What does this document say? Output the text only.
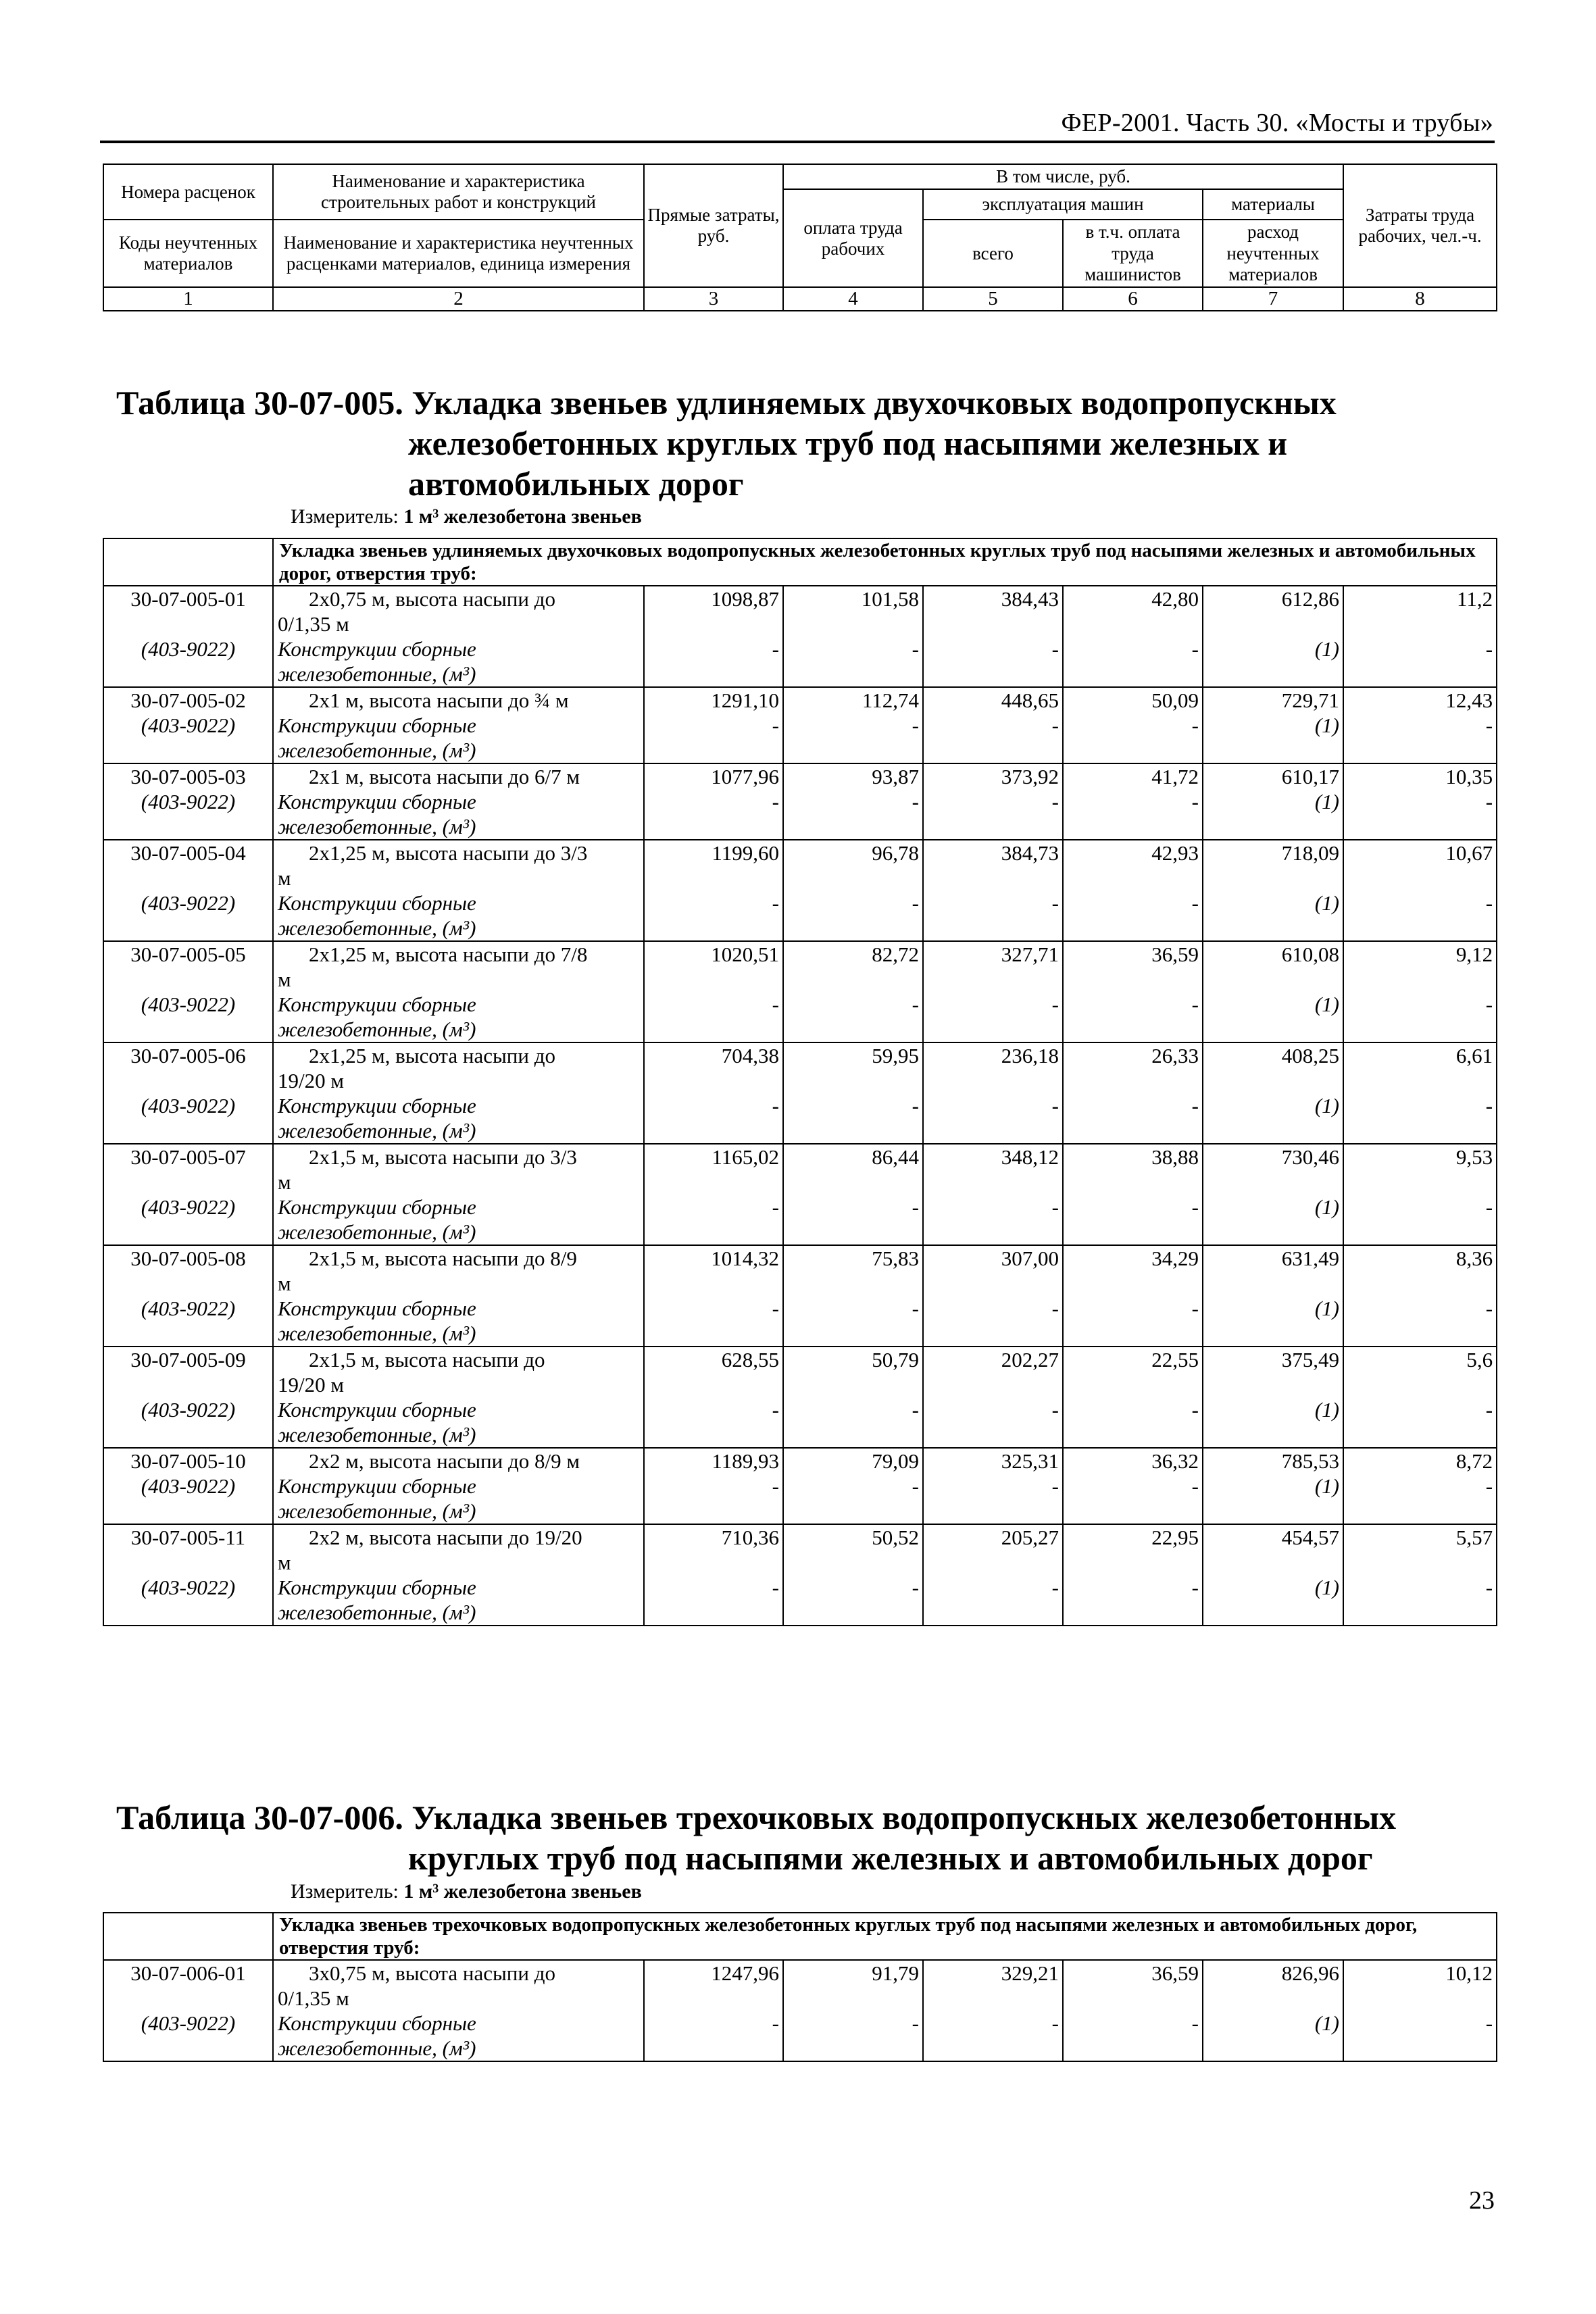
ФЕР-2001. Часть 30. «Мосты и трубы»
Номера расценок	Наименование и характеристика строительных работ и конструкций	Прямые затраты, руб.	В том числе, руб.				Затраты труда рабочих, чел.-ч.
			оплата труда рабочих	эксплуатация машин		материалы	
Коды неучтенных материалов	Наименование и характеристика неучтенных расценками материалов, единица измерения			всего	в т.ч. оплата труда машинистов	расход неучтенных материалов	

1	2	3	4	5	6	7	8
Таблица 30-07-005. Укладка звеньев удлиняемых двухочковых водопропускных
железобетонных круглых труб под насыпями железных и
автомобильных дорог
Измеритель: 1 м³ железобетона звеньев
	Укладка звеньев удлиняемых двухочковых водопропускных железобетонных круглых труб под насыпями железных и автомобильных дорог, отверстия труб:						
30-07-005-01	2x0,75 м, высота насыпи до
0/1,35 м	1098,87	101,58	384,43	42,80	612,86	11,2
(403-9022)	Конструкции сборные
железобетонные, (м³)	-	-	-	-	(1)	-
30-07-005-02	2x1 м, высота насыпи до ¾ м	1291,10	112,74	448,65	50,09	729,71	12,43
(403-9022)	Конструкции сборные
железобетонные, (м³)	-	-	-	-	(1)	-
30-07-005-03	2x1 м, высота насыпи до 6/7 м	1077,96	93,87	373,92	41,72	610,17	10,35
(403-9022)	Конструкции сборные
железобетонные, (м³)	-	-	-	-	(1)	-
30-07-005-04	2x1,25 м, высота насыпи до 3/3
м	1199,60	96,78	384,73	42,93	718,09	10,67
(403-9022)	Конструкции сборные
железобетонные, (м³)	-	-	-	-	(1)	-
30-07-005-05	2x1,25 м, высота насыпи до 7/8
м	1020,51	82,72	327,71	36,59	610,08	9,12
(403-9022)	Конструкции сборные
железобетонные, (м³)	-	-	-	-	(1)	-
30-07-005-06	2x1,25 м, высота насыпи до
19/20 м	704,38	59,95	236,18	26,33	408,25	6,61
(403-9022)	Конструкции сборные
железобетонные, (м³)	-	-	-	-	(1)	-
30-07-005-07	2x1,5 м, высота насыпи до 3/3
м	1165,02	86,44	348,12	38,88	730,46	9,53
(403-9022)	Конструкции сборные
железобетонные, (м³)	-	-	-	-	(1)	-
30-07-005-08	2x1,5 м, высота насыпи до 8/9
м	1014,32	75,83	307,00	34,29	631,49	8,36
(403-9022)	Конструкции сборные
железобетонные, (м³)	-	-	-	-	(1)	-
30-07-005-09	2x1,5 м, высота насыпи до
19/20 м	628,55	50,79	202,27	22,55	375,49	5,6
(403-9022)	Конструкции сборные
железобетонные, (м³)	-	-	-	-	(1)	-
30-07-005-10	2x2 м, высота насыпи до 8/9 м	1189,93	79,09	325,31	36,32	785,53	8,72
(403-9022)	Конструкции сборные
железобетонные, (м³)	-	-	-	-	(1)	-
30-07-005-11	2x2 м, высота насыпи до 19/20
м	710,36	50,52	205,27	22,95	454,57	5,57
(403-9022)	Конструкции сборные
железобетонные, (м³)	-	-	-	-	(1)	-
Таблица 30-07-006. Укладка звеньев трехочковых водопропускных железобетонных
круглых труб под насыпями железных и автомобильных дорог
Измеритель: 1 м³ железобетона звеньев
	Укладка звеньев трехочковых водопропускных железобетонных круглых труб под насыпями железных и автомобильных дорог, отверстия труб:						
30-07-006-01	3x0,75 м, высота насыпи до
0/1,35 м	1247,96	91,79	329,21	36,59	826,96	10,12
(403-9022)	Конструкции сборные
железобетонные, (м³)	-	-	-	-	(1)	-
23
